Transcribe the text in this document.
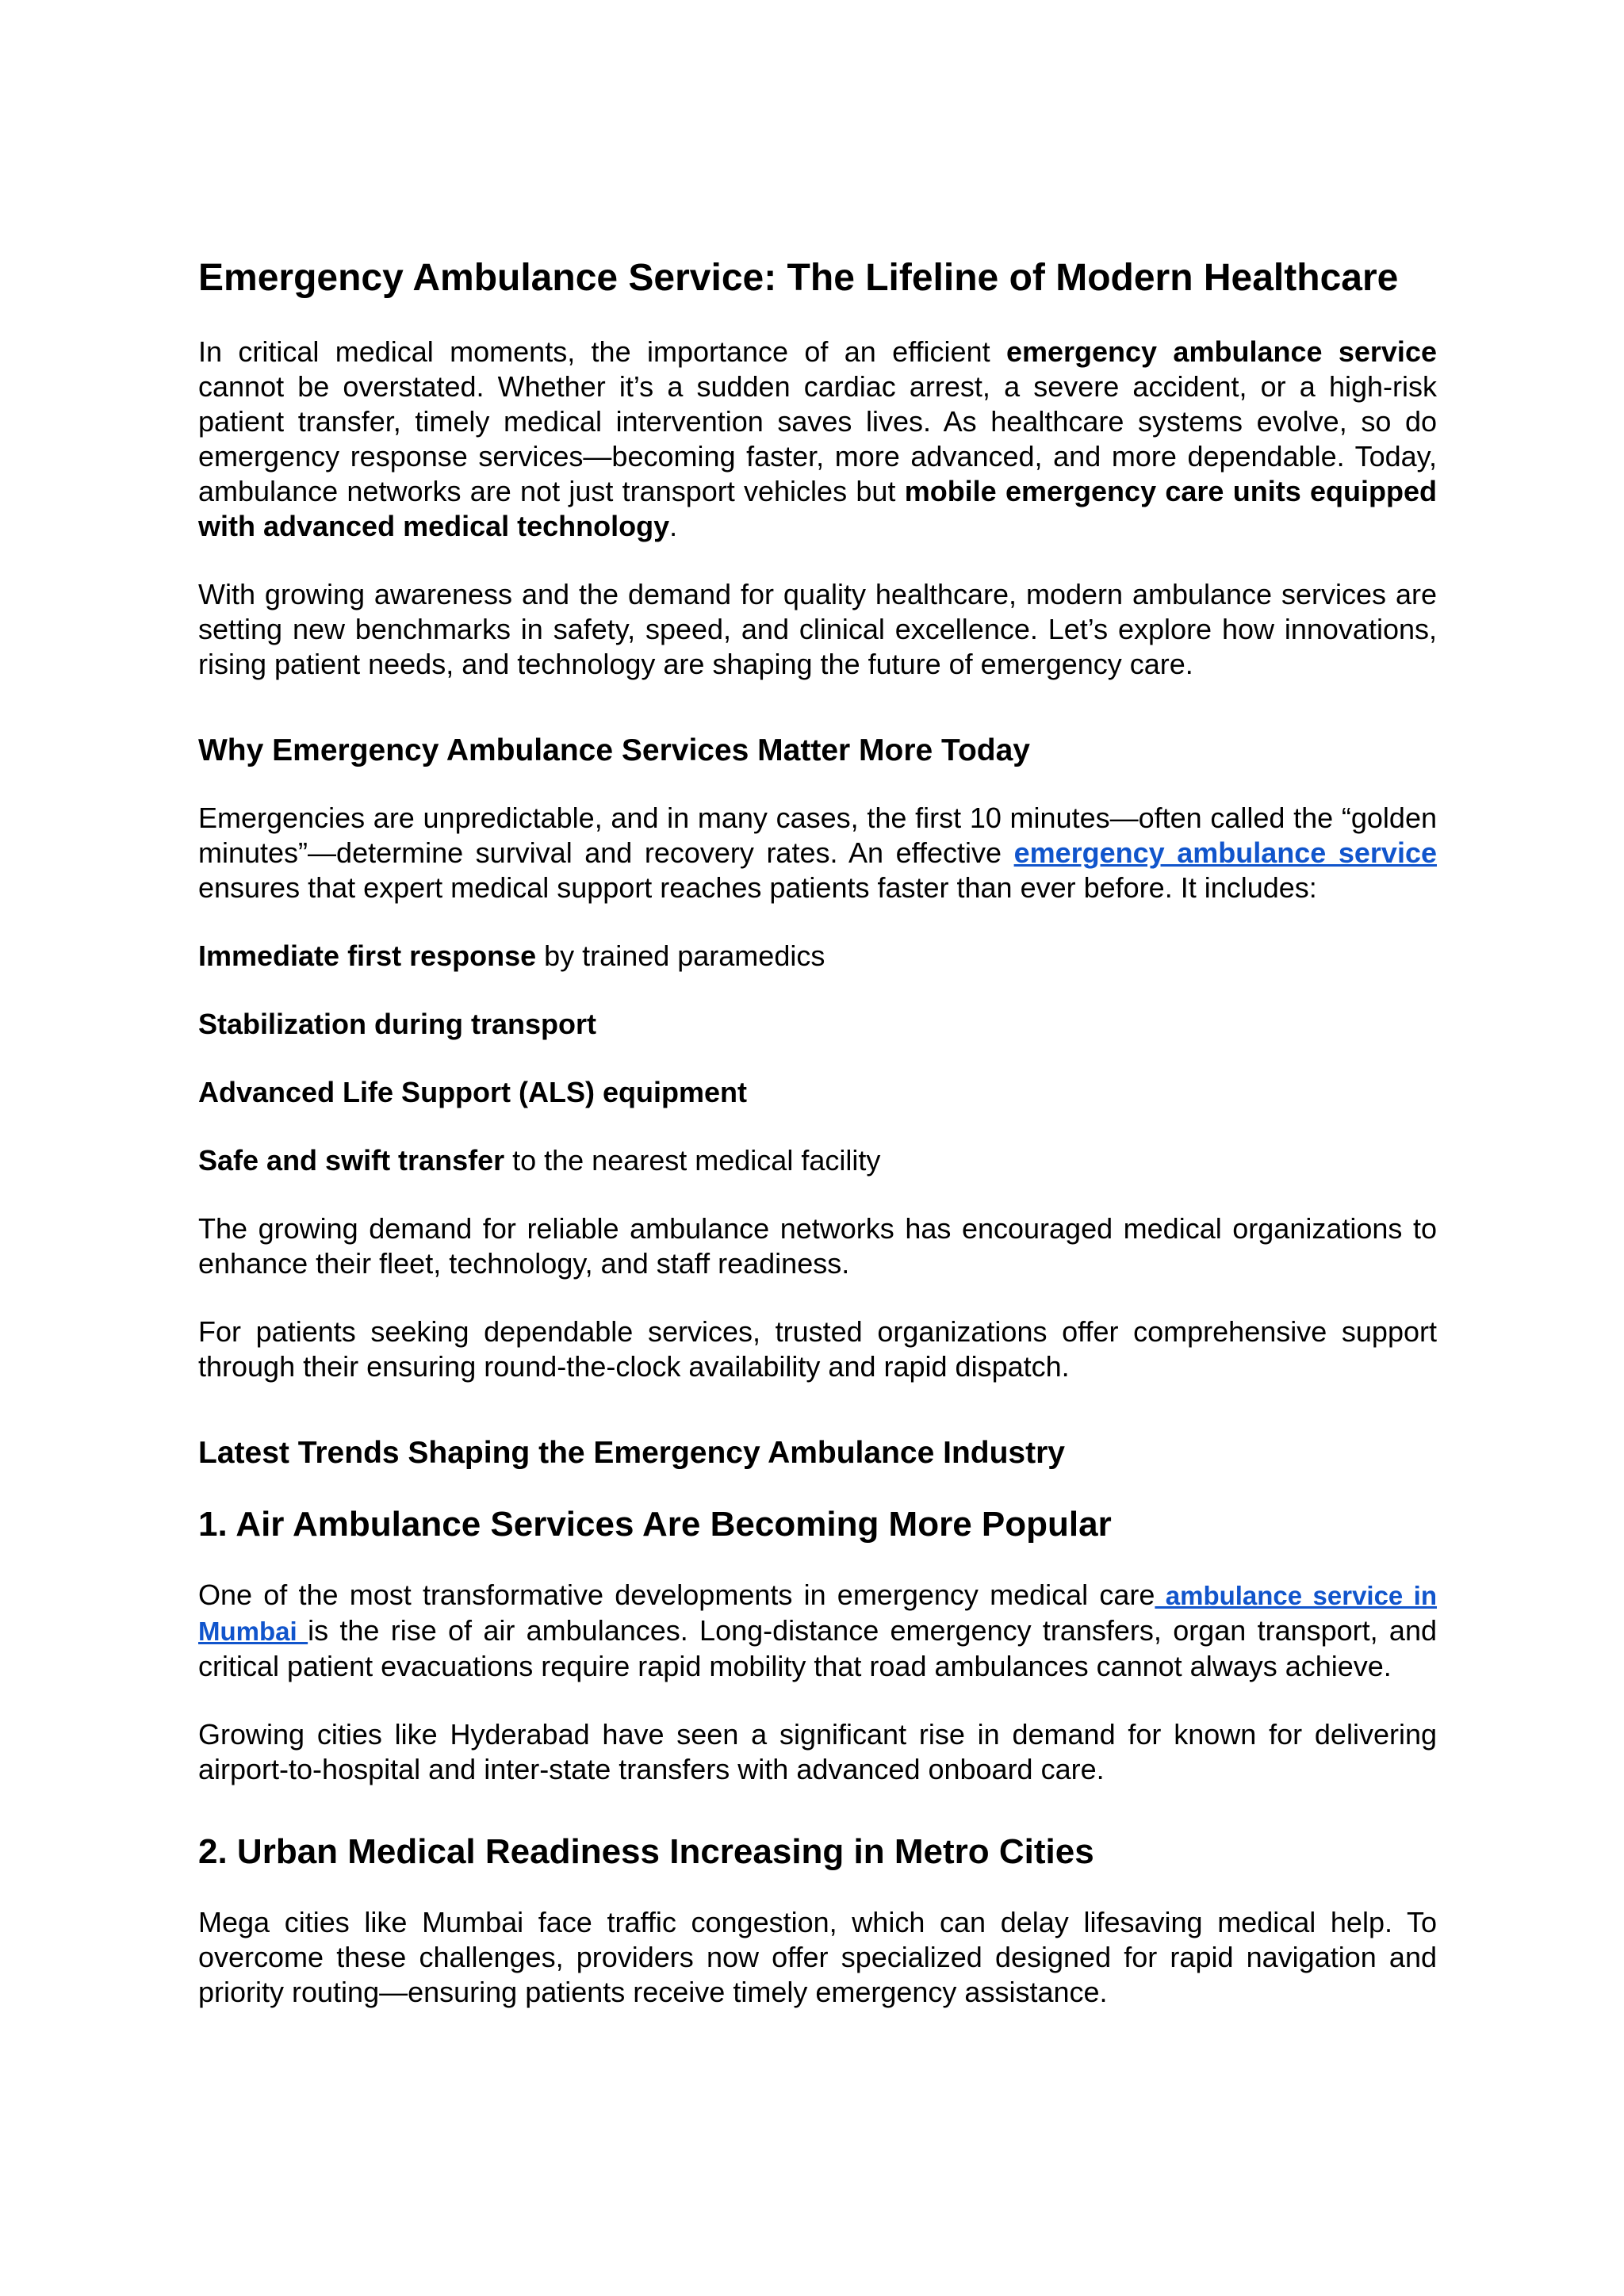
Emergency Ambulance Service: The Lifeline of Modern Healthcare

In critical medical moments, the importance of an efficient emergency ambulance service cannot be overstated. Whether it’s a sudden cardiac arrest, a severe accident, or a high-risk patient transfer, timely medical intervention saves lives. As healthcare systems evolve, so do emergency response services—becoming faster, more advanced, and more dependable. Today, ambulance networks are not just transport vehicles but mobile emergency care units equipped with advanced medical technology.

With growing awareness and the demand for quality healthcare, modern ambulance services are setting new benchmarks in safety, speed, and clinical excellence. Let’s explore how innovations, rising patient needs, and technology are shaping the future of emergency care.

Why Emergency Ambulance Services Matter More Today

Emergencies are unpredictable, and in many cases, the first 10 minutes—often called the “golden minutes”—determine survival and recovery rates. An effective emergency ambulance service ensures that expert medical support reaches patients faster than ever before. It includes:

Immediate first response by trained paramedics
Stabilization during transport
Advanced Life Support (ALS) equipment
Safe and swift transfer to the nearest medical facility

The growing demand for reliable ambulance networks has encouraged medical organizations to enhance their fleet, technology, and staff readiness.

For patients seeking dependable services, trusted organizations offer comprehensive support through their ensuring round-the-clock availability and rapid dispatch.

Latest Trends Shaping the Emergency Ambulance Industry
1. Air Ambulance Services Are Becoming More Popular

One of the most transformative developments in emergency medical care ambulance service in Mumbai is the rise of air ambulances. Long-distance emergency transfers, organ transport, and critical patient evacuations require rapid mobility that road ambulances cannot always achieve.

Growing cities like Hyderabad have seen a significant rise in demand for known for delivering airport-to-hospital and inter-state transfers with advanced onboard care.

2. Urban Medical Readiness Increasing in Metro Cities

Mega cities like Mumbai face traffic congestion, which can delay lifesaving medical help. To overcome these challenges, providers now offer specialized designed for rapid navigation and priority routing—ensuring patients receive timely emergency assistance.
